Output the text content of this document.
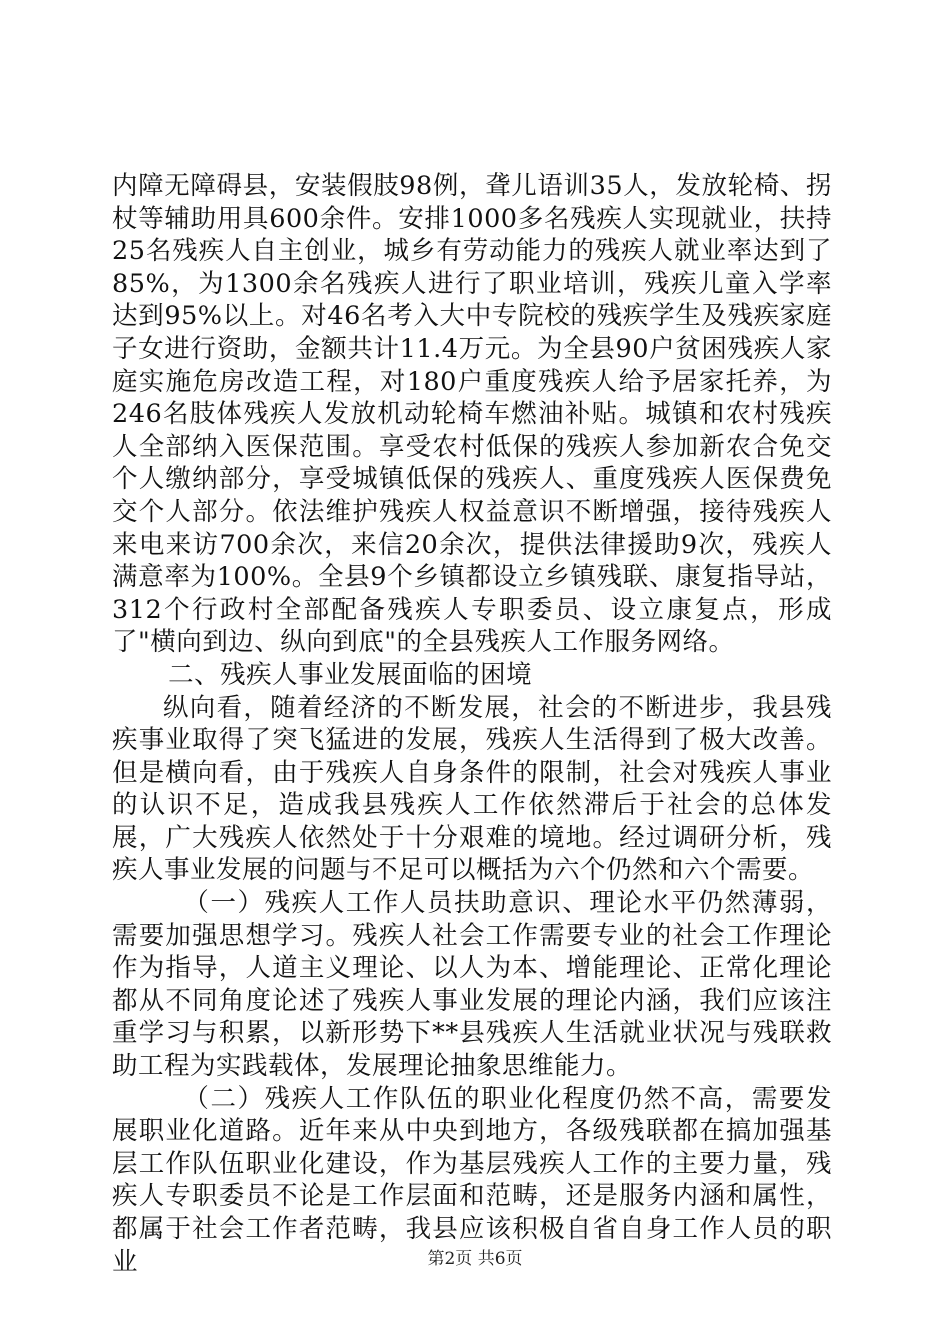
内障无障碍县，安装假肢98例，聋儿语训35人，发放轮椅、拐杖等辅助用具600余件。安排1000多名残疾人实现就业，扶持25名残疾人自主创业，城乡有劳动能力的残疾人就业率达到了85%，为1300余名残疾人进行了职业培训，残疾儿童入学率达到95%以上。对46名考入大中专院校的残疾学生及残疾家庭子女进行资助，金额共计11.4万元。为全县90户贫困残疾人家庭实施危房改造工程，对180户重度残疾人给予居家托养，为246名肢体残疾人发放机动轮椅车燃油补贴。城镇和农村残疾人全部纳入医保范围。享受农村低保的残疾人参加新农合免交个人缴纳部分，享受城镇低保的残疾人、重度残疾人医保费免交个人部分。依法维护残疾人权益意识不断增强，接待残疾人来电来访700余次，来信20余次，提供法律援助9次，残疾人满意率为100%。全县9个乡镇都设立乡镇残联、康复指导站，312个行政村全部配备残疾人专职委员、设立康复点，形成了"横向到边、纵向到底"的全县残疾人工作服务网络。

二、残疾人事业发展面临的困境

纵向看，随着经济的不断发展，社会的不断进步，我县残疾事业取得了突飞猛进的发展，残疾人生活得到了极大改善。但是横向看，由于残疾人自身条件的限制，社会对残疾人事业的认识不足，造成我县残疾人工作依然滞后于社会的总体发展，广大残疾人依然处于十分艰难的境地。经过调研分析，残疾人事业发展的问题与不足可以概括为六个仍然和六个需要。

（一）残疾人工作人员扶助意识、理论水平仍然薄弱，需要加强思想学习。残疾人社会工作需要专业的社会工作理论作为指导，人道主义理论、以人为本、增能理论、正常化理论都从不同角度论述了残疾人事业发展的理论内涵，我们应该注重学习与积累，以新形势下**县残疾人生活就业状况与残联救助工程为实践载体，发展理论抽象思维能力。

（二）残疾人工作队伍的职业化程度仍然不高，需要发展职业化道路。近年来从中央到地方，各级残联都在搞加强基层工作队伍职业化建设，作为基层残疾人工作的主要力量，残疾人专职委员不论是工作层面和范畴，还是服务内涵和属性，都属于社会工作者范畴，我县应该积极自省自身工作人员的职业	第2页 共6页
